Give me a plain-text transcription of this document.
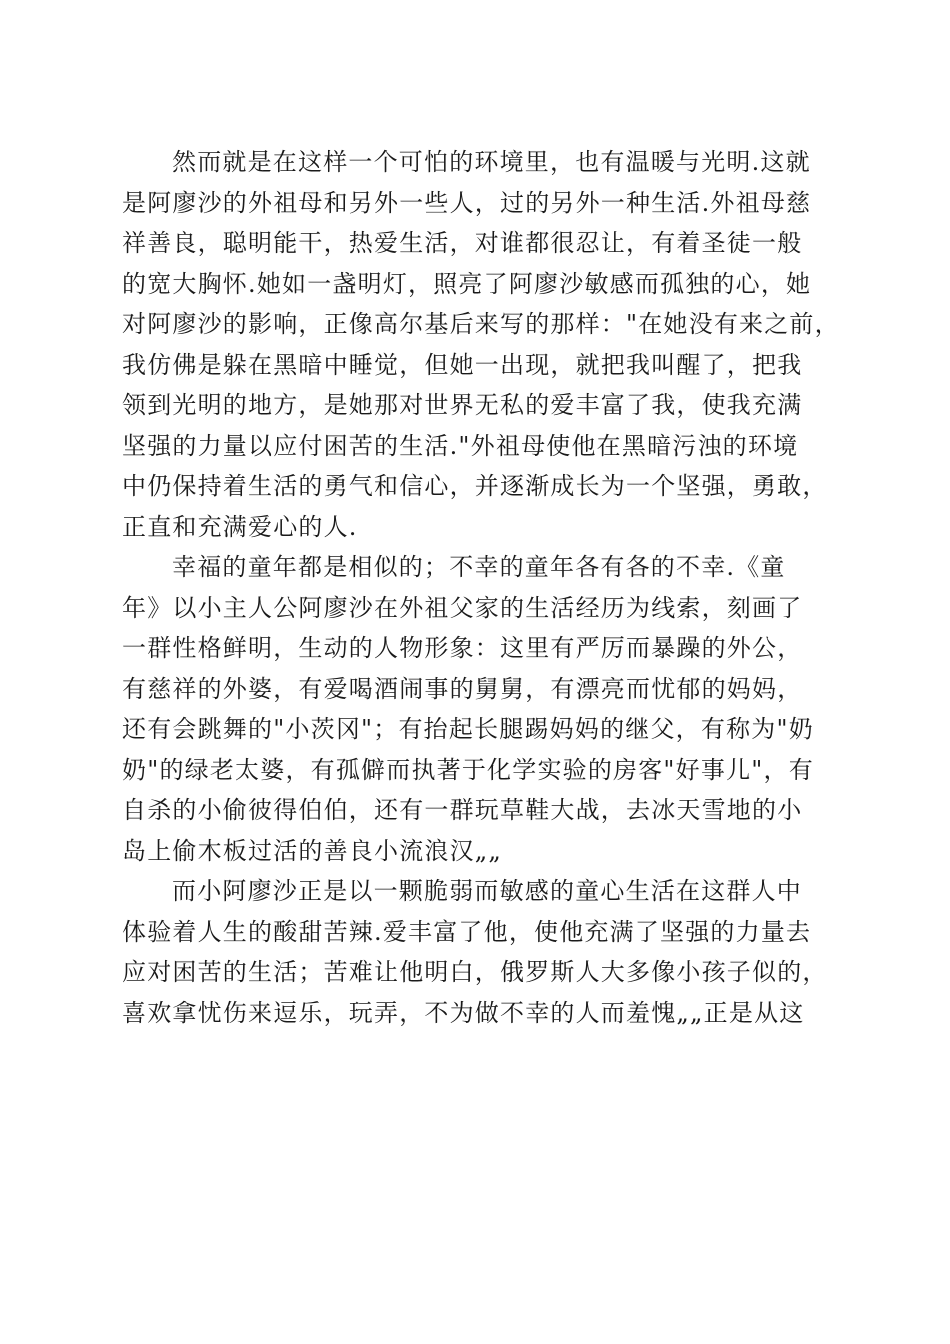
然而就是在这样一个可怕的环境里，也有温暖与光明.这就
是阿廖沙的外祖母和另外一些人，过的另外一种生活.外祖母慈
祥善良，聪明能干，热爱生活，对谁都很忍让，有着圣徒一般
的宽大胸怀.她如一盏明灯，照亮了阿廖沙敏感而孤独的心，她
对阿廖沙的影响，正像高尔基后来写的那样："在她没有来之前，
我仿佛是躲在黑暗中睡觉，但她一出现，就把我叫醒了，把我
领到光明的地方，是她那对世界无私的爱丰富了我，使我充满
坚强的力量以应付困苦的生活."外祖母使他在黑暗污浊的环境
中仍保持着生活的勇气和信心，并逐渐成长为一个坚强，勇敢，
正直和充满爱心的人.
幸福的童年都是相似的；不幸的童年各有各的不幸.《童
年》以小主人公阿廖沙在外祖父家的生活经历为线索，刻画了
一群性格鲜明，生动的人物形象：这里有严厉而暴躁的外公，
有慈祥的外婆，有爱喝酒闹事的舅舅，有漂亮而忧郁的妈妈，
还有会跳舞的"小茨冈"；有抬起长腿踢妈妈的继父，有称为"奶
奶"的绿老太婆，有孤僻而执著于化学实验的房客"好事儿"，有
自杀的小偷彼得伯伯，还有一群玩草鞋大战，去冰天雪地的小
岛上偷木板过活的善良小流浪汉„„
而小阿廖沙正是以一颗脆弱而敏感的童心生活在这群人中
体验着人生的酸甜苦辣.爱丰富了他，使他充满了坚强的力量去
应对困苦的生活；苦难让他明白，俄罗斯人大多像小孩子似的，
喜欢拿忧伤来逗乐，玩弄，不为做不幸的人而羞愧„„正是从这
